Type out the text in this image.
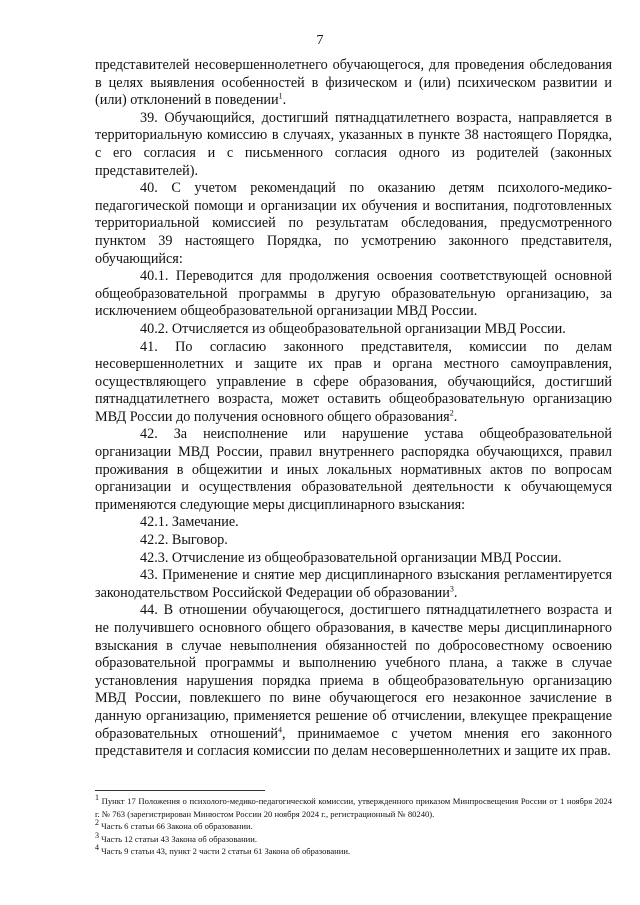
7

представителей несовершеннолетнего обучающегося, для проведения обследования в целях выявления особенностей в физическом и (или) психическом развитии и (или) отклонений в поведении$^1$.

39. Обучающийся, достигший пятнадцатилетнего возраста, направляется в территориальную комиссию в случаях, указанных в пункте 38 настоящего Порядка, с его согласия и с письменного согласия одного из родителей (законных представителей).

40. С учетом рекомендаций по оказанию детям психолого-медико-педагогической помощи и организации их обучения и воспитания, подготовленных территориальной комиссией по результатам обследования, предусмотренного пунктом 39 настоящего Порядка, по усмотрению законного представителя, обучающийся:

40.1. Переводится для продолжения освоения соответствующей основной общеобразовательной программы в другую образовательную организацию, за исключением общеобразовательной организации МВД России.

40.2. Отчисляется из общеобразовательной организации МВД России.

41. По согласию законного представителя, комиссии по делам несовершеннолетних и защите их прав и органа местного самоуправления, осуществляющего управление в сфере образования, обучающийся, достигший пятнадцатилетнего возраста, может оставить общеобразовательную организацию МВД России до получения основного общего образования$^2$.

42. За неисполнение или нарушение устава общеобразовательной организации МВД России, правил внутреннего распорядка обучающихся, правил проживания в общежитии и иных локальных нормативных актов по вопросам организации и осуществления образовательной деятельности к обучающемуся применяются следующие меры дисциплинарного взыскания:

42.1. Замечание.

42.2. Выговор.

42.3. Отчисление из общеобразовательной организации МВД России.

43. Применение и снятие мер дисциплинарного взыскания регламентируется законодательством Российской Федерации об образовании$^3$.

44. В отношении обучающегося, достигшего пятнадцатилетнего возраста и не получившего основного общего образования, в качестве меры дисциплинарного взыскания в случае невыполнения обязанностей по добросовестному освоению образовательной программы и выполнению учебного плана, а также в случае установления нарушения порядка приема в общеобразовательную организацию МВД России, повлекшего по вине обучающегося его незаконное зачисление в данную организацию, применяется решение об отчислении, влекущее прекращение образовательных отношений$^4$, принимаемое с учетом мнения его законного представителя и согласия комиссии по делам несовершеннолетних и защите их прав.

$^1$ Пункт 17 Положения о психолого-медико-педагогической комиссии, утвержденного приказом Минпросвещения России от 1 ноября 2024 г. № 763 (зарегистрирован Минюстом России 20 ноября 2024 г., регистрационный № 80240).

$^2$ Часть 6 статьи 66 Закона об образовании.

$^3$ Часть 12 статьи 43 Закона об образовании.

$^4$ Часть 9 статьи 43, пункт 2 части 2 статьи 61 Закона об образовании.
